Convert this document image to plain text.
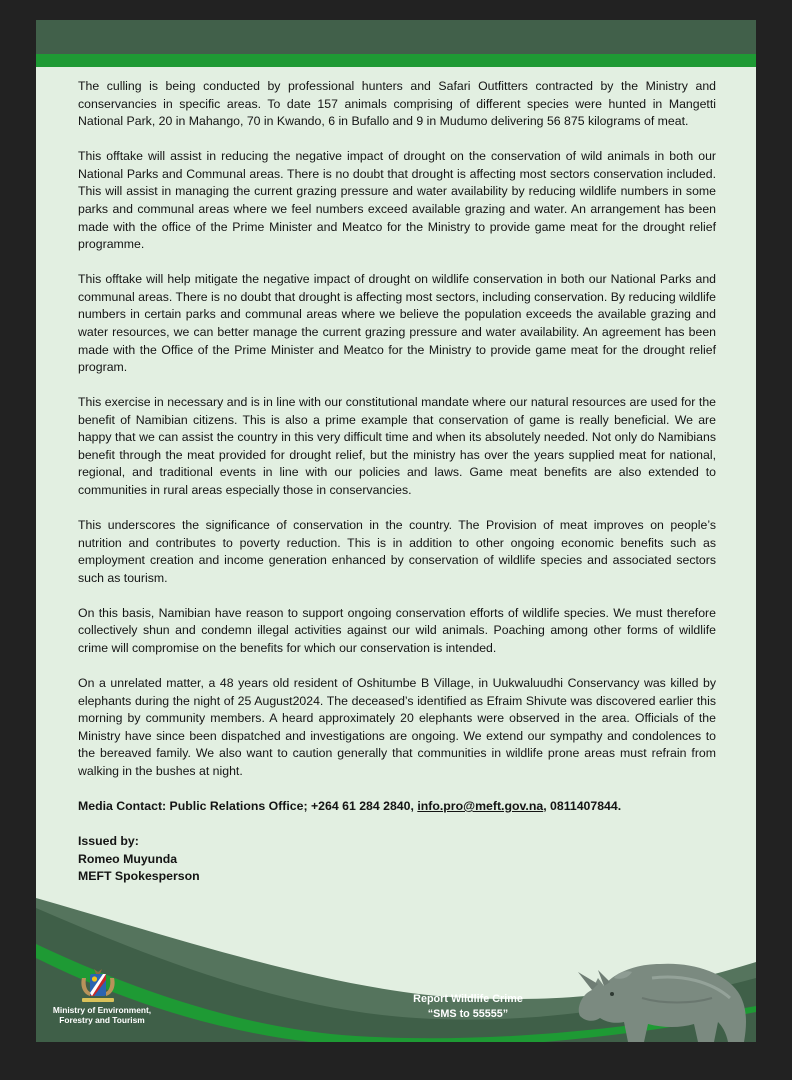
The culling is being conducted by professional hunters and Safari Outfitters contracted by the Ministry and conservancies in specific areas. To date 157 animals comprising of different species were hunted in Mangetti National Park, 20 in Mahango, 70 in Kwando, 6 in Bufallo and 9 in Mudumo delivering 56 875 kilograms of meat.

This offtake will assist in reducing the negative impact of drought on the conservation of wild animals in both our National Parks and Communal areas. There is no doubt that drought is affecting most sectors conservation included. This will assist in managing the current grazing pressure and water availability by reducing wildlife numbers in some parks and communal areas where we feel numbers exceed available grazing and water. An arrangement has been made with the office of the Prime Minister and Meatco for the Ministry to provide game meat for the drought relief programme.

This offtake will help mitigate the negative impact of drought on wildlife conservation in both our National Parks and communal areas. There is no doubt that drought is affecting most sectors, including conservation. By reducing wildlife numbers in certain parks and communal areas where we believe the population exceeds the available grazing and water resources, we can better manage the current grazing pressure and water availability. An agreement has been made with the Office of the Prime Minister and Meatco for the Ministry to provide game meat for the drought relief program.

This exercise in necessary and is in line with our constitutional mandate where our natural resources are used for the benefit of Namibian citizens. This is also a prime example that conservation of game is really beneficial. We are happy that we can assist the country in this very difficult time and when its absolutely needed. Not only do Namibians benefit through the meat provided for drought relief, but the ministry has over the years supplied meat for national, regional, and traditional events in line with our policies and laws. Game meat benefits are also extended to communities in rural areas especially those in conservancies.

This underscores the significance of conservation in the country. The Provision of meat improves on people’s nutrition and contributes to poverty reduction. This is in addition to other ongoing economic benefits such as employment creation and income generation enhanced by conservation of wildlife species and associated sectors such as tourism.

On this basis, Namibian have reason to support ongoing conservation efforts of wildlife species. We must therefore collectively shun and condemn illegal activities against our wild animals. Poaching among other forms of wildlife crime will compromise on the benefits for which our conservation is intended.

On a unrelated matter, a 48 years old resident of Oshitumbe B Village, in Uukwaluudhi Conservancy was killed by elephants during the night of 25 August2024. The deceased’s identified as Efraim Shivute was discovered earlier this morning by community members. A heard approximately 20 elephants were observed in the area. Officials of the Ministry have since been dispatched and investigations are ongoing. We extend our sympathy and condolences to the bereaved family. We also want to caution generally that communities in wildlife prone areas must refrain from walking in the bushes at night.

Media Contact: Public Relations Office; +264 61 284 2840, info.pro@meft.gov.na, 0811407844.
Issued by:
Romeo Muyunda
MEFT Spokesperson
Ministry of Environment,
Forestry and Tourism
Report Wildlife Crime
“SMS to 55555”
